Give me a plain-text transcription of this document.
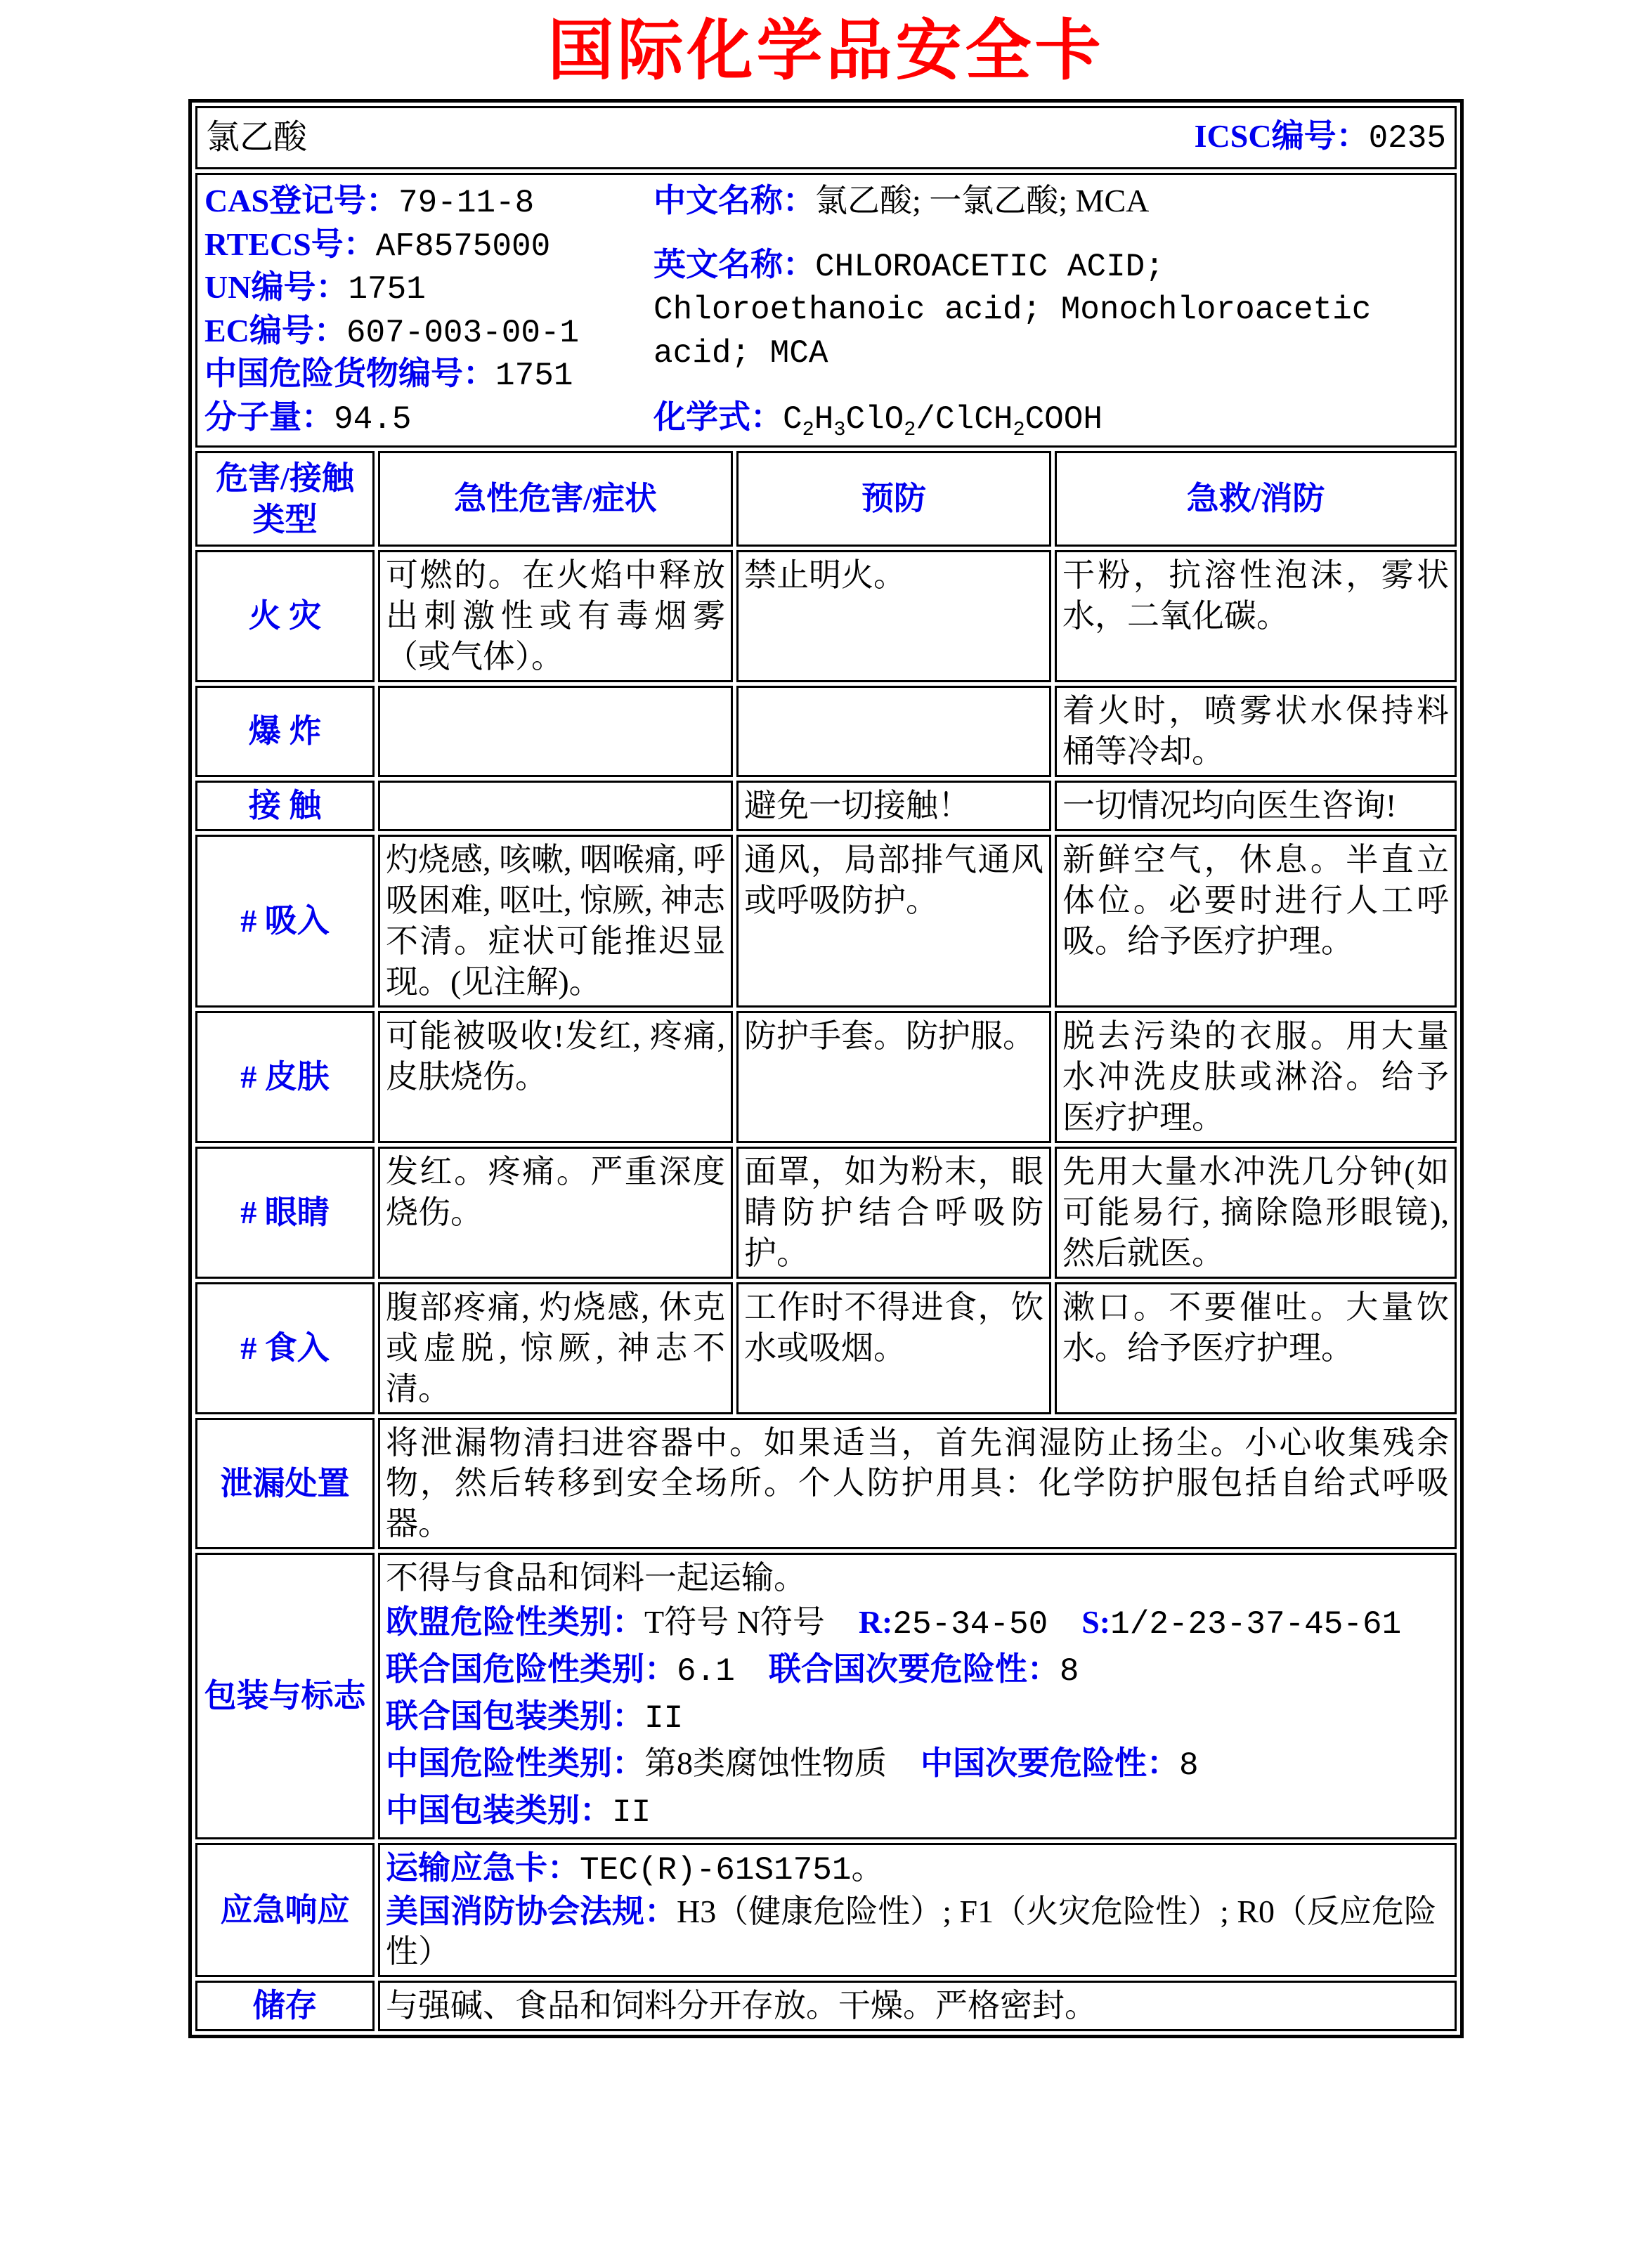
国际化学品安全卡
氯乙酸 ICSC编号：0235			

CAS登记号：79-11-8
RTECS号：AF8575000
UN编号：1751
EC编号：607-003-00-1
中国危险货物编号：1751
分子量：94.5
中文名称：氯乙酸; 一氯乙酸; MCA
英文名称：CHLOROACETIC ACID; Chloroethanoic acid; Monochloroacetic acid; MCA
化学式：$C_2H_3ClO_2/ClCH_2COOH$

危害/接触
类型	急性危害/症状	预防	急救/消防

火 灾	可燃的。在火焰中释放出刺激性或有毒烟雾（或气体）。	禁止明火。	干粉，抗溶性泡沫，雾状水，二氧化碳。
爆 炸			着火时，喷雾状水保持料桶等冷却。
接 触		避免一切接触！	一切情况均向医生咨询!
# 吸入	灼烧感, 咳嗽, 咽喉痛, 呼吸困难, 呕吐, 惊厥, 神志不清。症状可能推迟显现。(见注解)。	通风，局部排气通风或呼吸防护。	新鲜空气，休息。半直立体位。必要时进行人工呼吸。给予医疗护理。
# 皮肤	可能被吸收!发红, 疼痛, 皮肤烧伤。	防护手套。防护服。	脱去污染的衣服。用大量水冲洗皮肤或淋浴。给予医疗护理。
# 眼睛	发红。疼痛。严重深度烧伤。	面罩，如为粉末，眼睛防护结合呼吸防护。	先用大量水冲洗几分钟(如可能易行, 摘除隐形眼镜), 然后就医。
# 食入	腹部疼痛, 灼烧感, 休克或虚脱, 惊厥, 神志不清。	工作时不得进食，饮水或吸烟。	漱口。不要催吐。大量饮水。给予医疗护理。
泄漏处置	将泄漏物清扫进容器中。如果适当，首先润湿防止扬尘。小心收集残余物，然后转移到安全场所。个人防护用具：化学防护服包括自给式呼吸器。		
包装与标志	
不得与食品和饲料一起运输。
欧盟危险性类别：T符号 N符号 R:25-34-50 S:1/2-23-37-45-61
联合国危险性类别：6.1 联合国次要危险性：8
联合国包装类别：II
中国危险性类别：第8类腐蚀性物质 中国次要危险性：8
中国包装类别：II

应急响应	运输应急卡：TEC(R)-61S1751。
美国消防协会法规：H3（健康危险性）; F1（火灾危险性）; R0（反应危险性）		

储存	与强碱、食品和饲料分开存放。干燥。严格密封。		
